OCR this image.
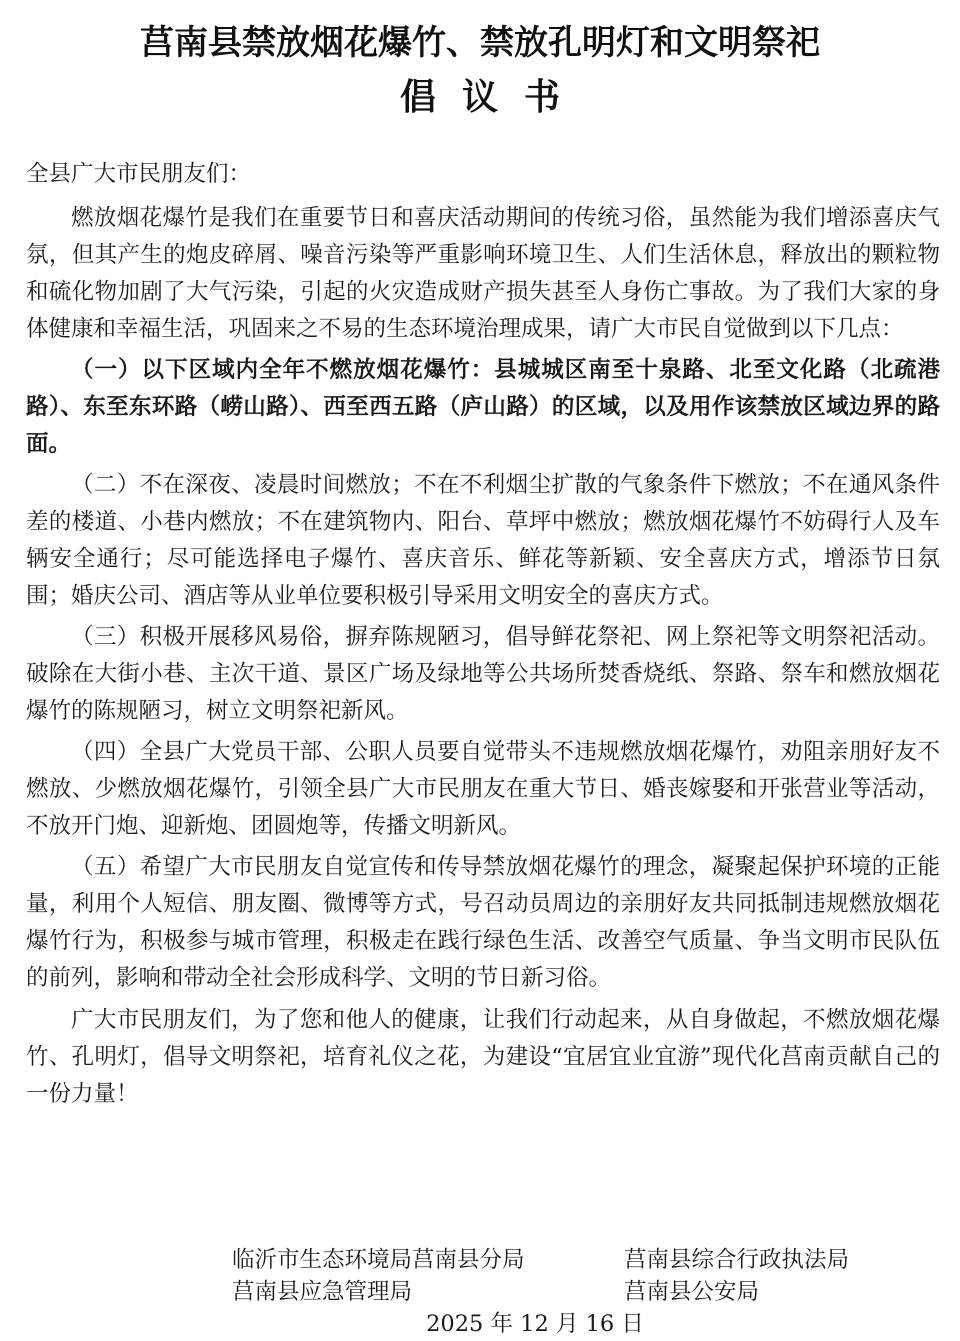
莒南县禁放烟花爆竹、禁放孔明灯和文明祭祀
倡议书

全县广大市民朋友们：

燃放烟花爆竹是我们在重要节日和喜庆活动期间的传统习俗，虽然能为我们增添喜庆气氛，但其产生的炮皮碎屑、噪音污染等严重影响环境卫生、人们生活休息，释放出的颗粒物和硫化物加剧了大气污染，引起的火灾造成财产损失甚至人身伤亡事故。为了我们大家的身体健康和幸福生活，巩固来之不易的生态环境治理成果，请广大市民自觉做到以下几点：

（一）以下区域内全年不燃放烟花爆竹：县城城区南至十泉路、北至文化路（北疏港路）、东至东环路（崂山路）、西至西五路（庐山路）的区域，以及用作该禁放区域边界的路面。

（二）不在深夜、凌晨时间燃放；不在不利烟尘扩散的气象条件下燃放；不在通风条件差的楼道、小巷内燃放；不在建筑物内、阳台、草坪中燃放；燃放烟花爆竹不妨碍行人及车辆安全通行；尽可能选择电子爆竹、喜庆音乐、鲜花等新颖、安全喜庆方式，增添节日氛围；婚庆公司、酒店等从业单位要积极引导采用文明安全的喜庆方式。

（三）积极开展移风易俗，摒弃陈规陋习，倡导鲜花祭祀、网上祭祀等文明祭祀活动。破除在大街小巷、主次干道、景区广场及绿地等公共场所焚香烧纸、祭路、祭车和燃放烟花爆竹的陈规陋习，树立文明祭祀新风。

（四）全县广大党员干部、公职人员要自觉带头不违规燃放烟花爆竹，劝阻亲朋好友不燃放、少燃放烟花爆竹，引领全县广大市民朋友在重大节日、婚丧嫁娶和开张营业等活动，不放开门炮、迎新炮、团圆炮等，传播文明新风。

（五）希望广大市民朋友自觉宣传和传导禁放烟花爆竹的理念，凝聚起保护环境的正能量，利用个人短信、朋友圈、微博等方式，号召动员周边的亲朋好友共同抵制违规燃放烟花爆竹行为，积极参与城市管理，积极走在践行绿色生活、改善空气质量、争当文明市民队伍的前列，影响和带动全社会形成科学、文明的节日新习俗。

广大市民朋友们，为了您和他人的健康，让我们行动起来，从自身做起，不燃放烟花爆竹、孔明灯，倡导文明祭祀，培育礼仪之花，为建设“宜居宜业宜游”现代化莒南贡献自己的一份力量！

临沂市生态环境局莒南县分局	莒南县综合行政执法局
莒南县应急管理局	莒南县公安局
2025 年 12 月 16 日
